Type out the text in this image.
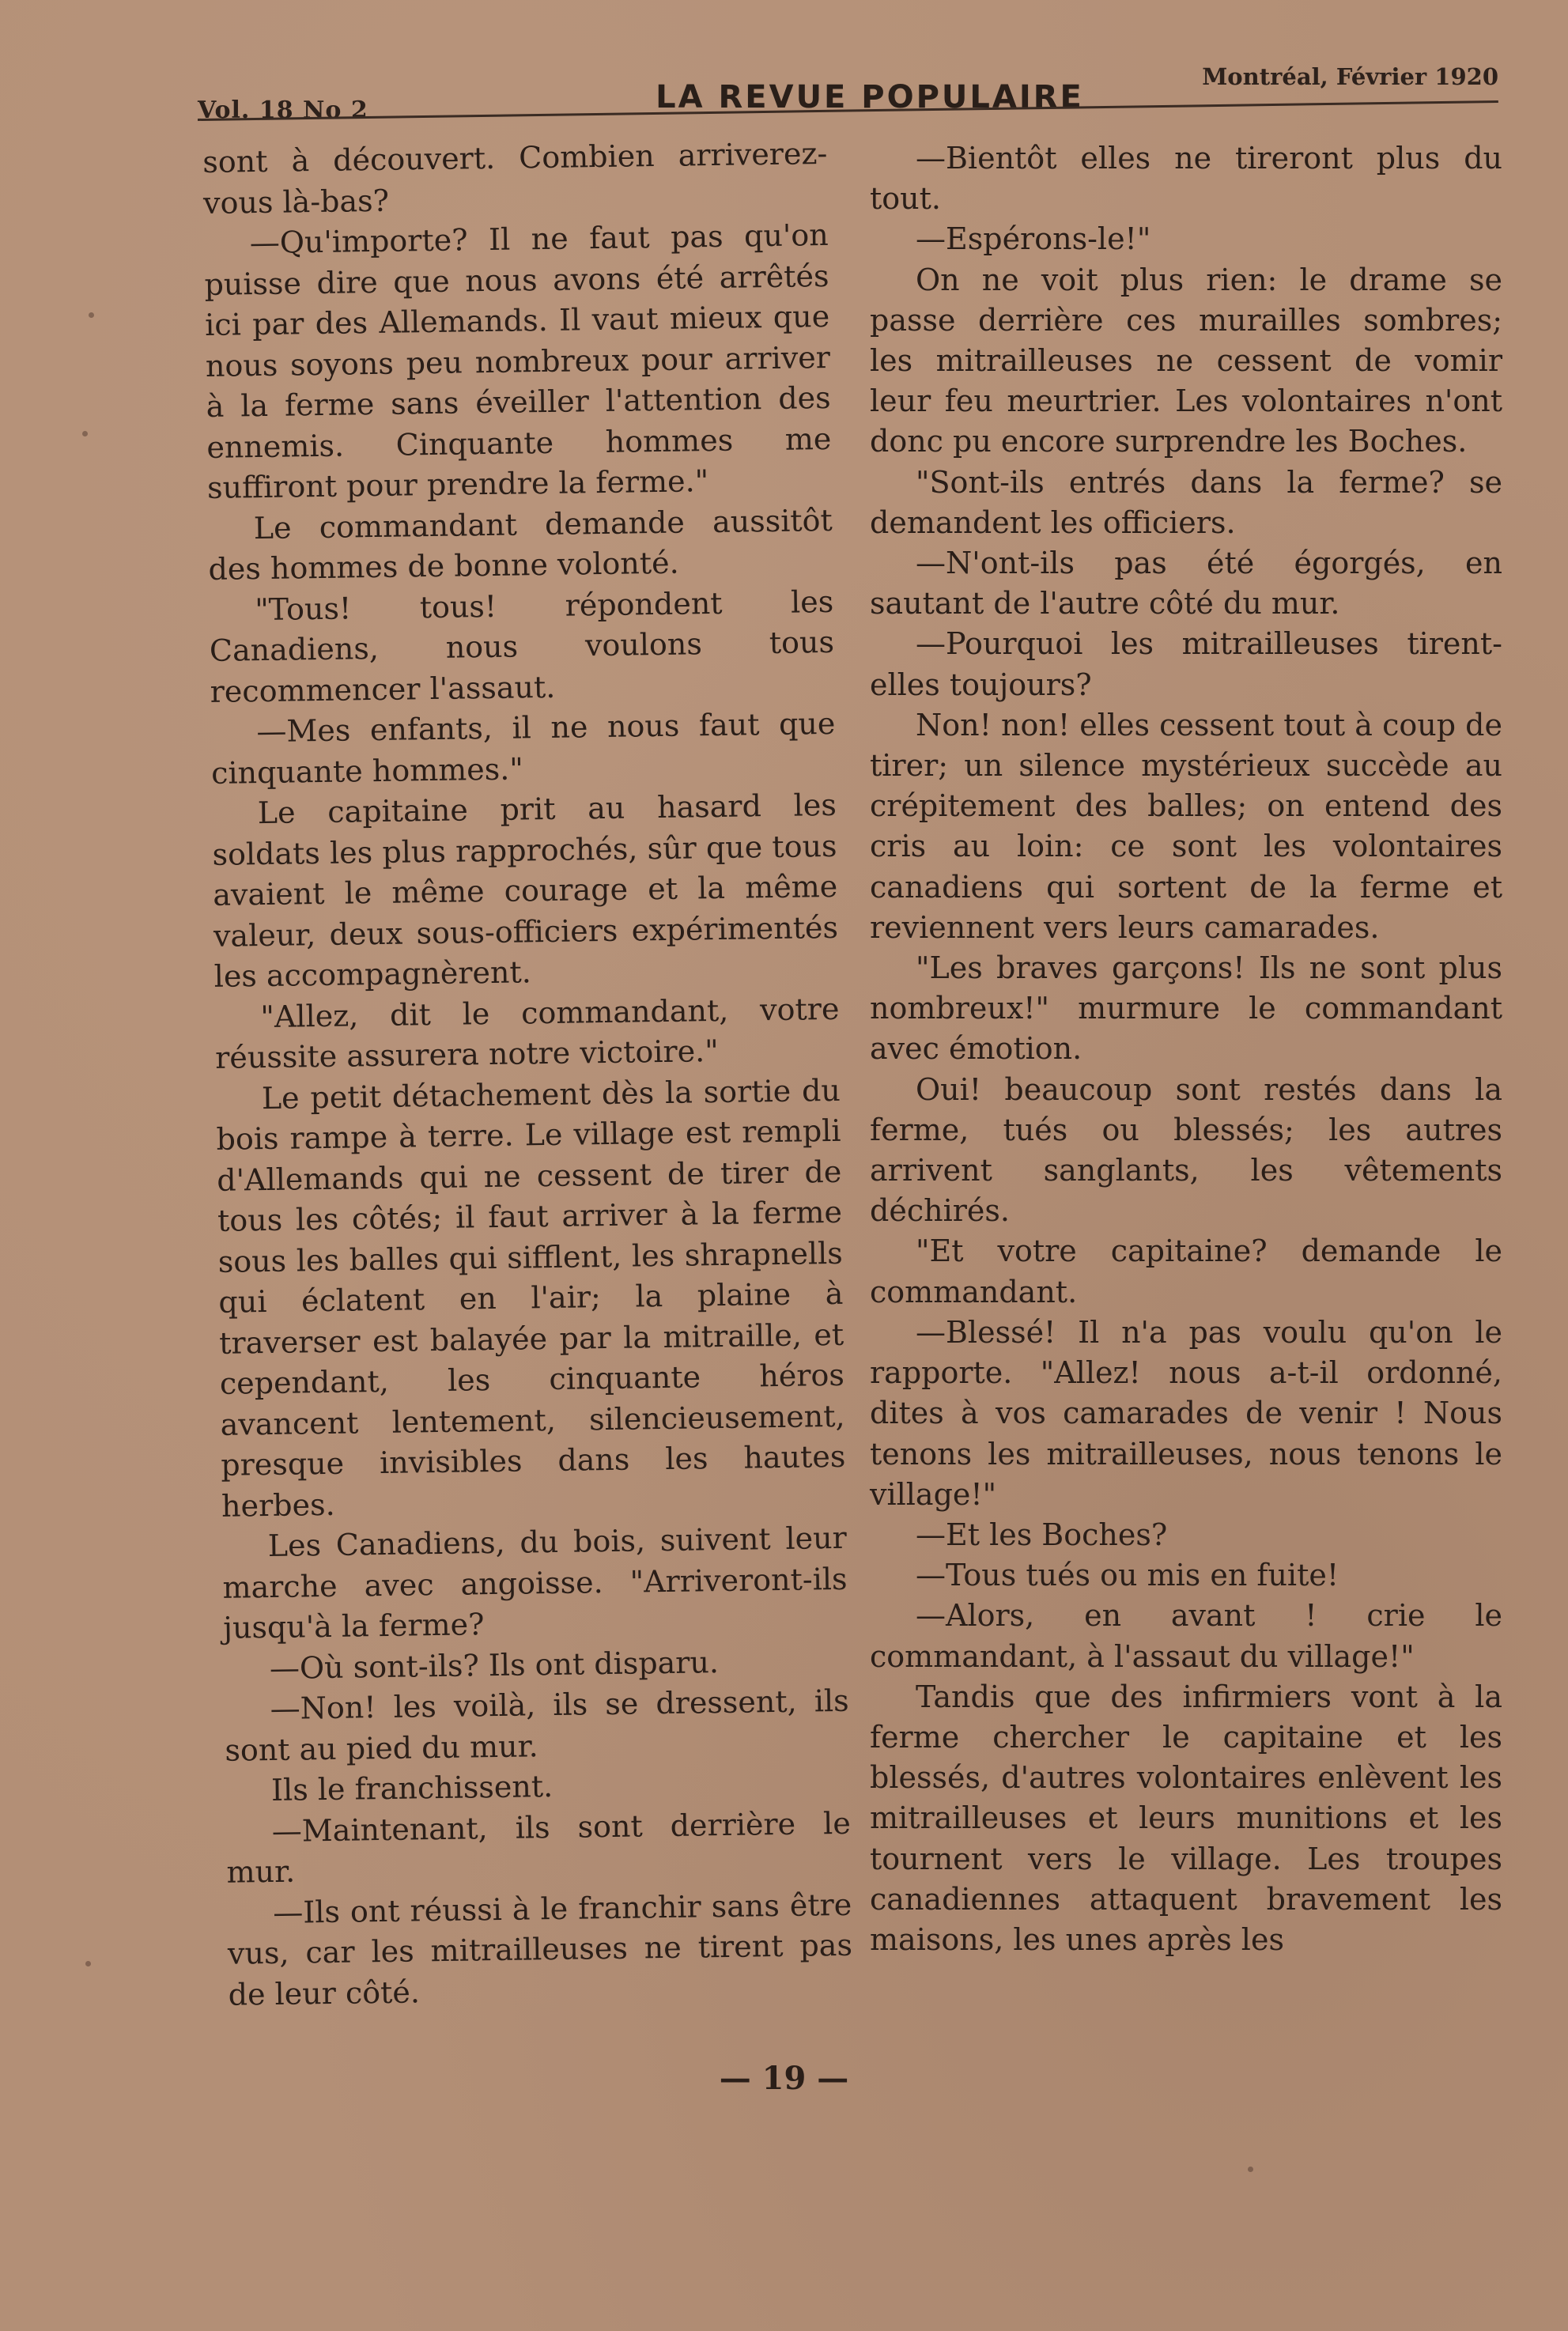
Vol. 18 No 2	LA REVUE POPULAIRE
Montréal, Février 1920

sont à découvert. Combien arriverez-vous là-bas?

—Qu'importe? Il ne faut pas qu'on puisse dire que nous avons été arrêtés ici par des Allemands. Il vaut mieux que nous soyons peu nombreux pour arriver à la ferme sans éveiller l'attention des ennemis. Cinquante hommes me suffiront pour prendre la ferme."

Le commandant demande aussitôt des hommes de bonne volonté.

"Tous! tous! répondent les Canadiens, nous voulons tous recommencer l'assaut.

—Mes enfants, il ne nous faut que cinquante hommes."

Le capitaine prit au hasard les soldats les plus rapprochés, sûr que tous avaient le même courage et la même valeur, deux sous-officiers expérimentés les accompagnèrent.

"Allez, dit le commandant, votre réussite assurera notre victoire."

Le petit détachement dès la sortie du bois rampe à terre. Le village est rempli d'Allemands qui ne cessent de tirer de tous les côtés; il faut arriver à la ferme sous les balles qui sifflent, les shrapnells qui éclatent en l'air; la plaine à traverser est balayée par la mitraille, et cependant, les cinquante héros avancent lentement, silencieusement, presque invisibles dans les hautes herbes.

Les Canadiens, du bois, suivent leur marche avec angoisse. "Arriveront-ils jusqu'à la ferme?

—Où sont-ils? Ils ont disparu.

—Non! les voilà, ils se dressent, ils sont au pied du mur.

Ils le franchissent.

—Maintenant, ils sont derrière le mur.

—Ils ont réussi à le franchir sans être vus, car les mitrailleuses ne tirent pas de leur côté.

—Bientôt elles ne tireront plus du tout.

—Espérons-le!"

On ne voit plus rien: le drame se passe derrière ces murailles sombres; les mitrailleuses ne cessent de vomir leur feu meurtrier. Les volontaires n'ont donc pu encore surprendre les Boches.

"Sont-ils entrés dans la ferme? se demandent les officiers.

—N'ont-ils pas été égorgés, en sautant de l'autre côté du mur.

—Pourquoi les mitrailleuses tirent-elles toujours?

Non! non! elles cessent tout à coup de tirer; un silence mystérieux succède au crépitement des balles; on entend des cris au loin: ce sont les volontaires canadiens qui sortent de la ferme et reviennent vers leurs camarades.

"Les braves garçons! Ils ne sont plus nombreux!" murmure le commandant avec émotion.

Oui! beaucoup sont restés dans la ferme, tués ou blessés; les autres arrivent sanglants, les vêtements déchirés.

"Et votre capitaine? demande le commandant.

—Blessé! Il n'a pas voulu qu'on le rapporte. "Allez! nous a-t-il ordonné, dites à vos camarades de venir ! Nous tenons les mitrailleuses, nous tenons le village!"

—Et les Boches?

—Tous tués ou mis en fuite!

—Alors, en avant ! crie le commandant, à l'assaut du village!"

Tandis que des infirmiers vont à la ferme chercher le capitaine et les blessés, d'autres volontaires enlèvent les mitrailleuses et leurs munitions et les tournent vers le village. Les troupes canadiennes attaquent bravement les maisons, les unes après les

— 19 —
